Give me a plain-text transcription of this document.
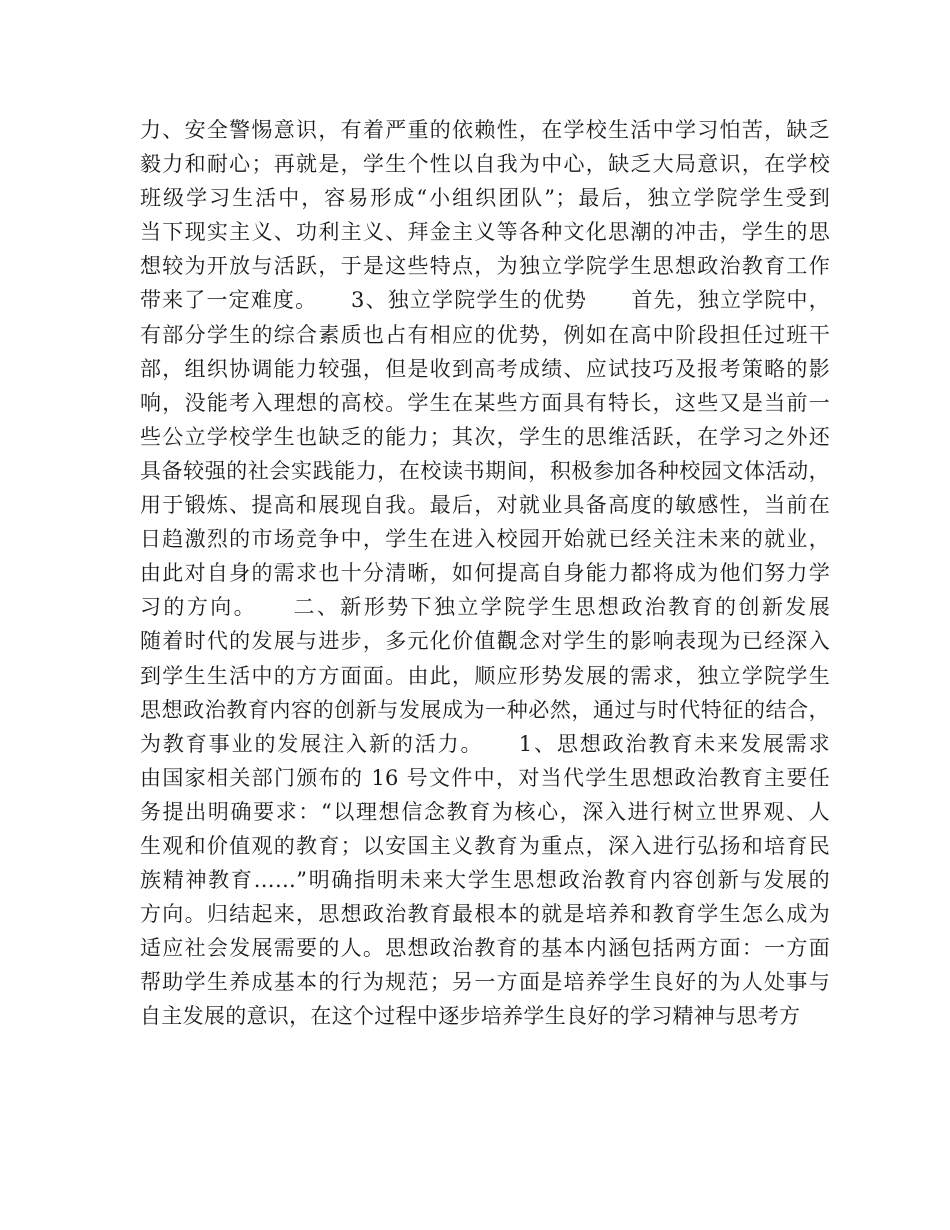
力、安全警惕意识，有着严重的依赖性，在学校生活中学习怕苦，缺乏
毅力和耐心；再就是，学生个性以自我为中心，缺乏大局意识，在学校
班级学习生活中，容易形成“小组织团队”；最后，独立学院学生受到
当下现实主义、功利主义、拜金主义等各种文化思潮的冲击，学生的思
想较为开放与活跃，于是这些特点，为独立学院学生思想政治教育工作
带来了一定难度。　　3、独立学院学生的优势　　首先，独立学院中，
有部分学生的综合素质也占有相应的优势，例如在高中阶段担任过班干
部，组织协调能力较强，但是收到高考成绩、应试技巧及报考策略的影
响，没能考入理想的高校。学生在某些方面具有特长，这些又是当前一
些公立学校学生也缺乏的能力；其次，学生的思维活跃，在学习之外还
具备较强的社会实践能力，在校读书期间，积极参加各种校园文体活动，
用于锻炼、提高和展现自我。最后，对就业具备高度的敏感性，当前在
日趋激烈的市场竞争中，学生在进入校园开始就已经关注未来的就业，
由此对自身的需求也十分清晰，如何提高自身能力都将成为他们努力学
习的方向。　　二、新形势下独立学院学生思想政治教育的创新发展
随着时代的发展与进步，多元化价值觀念对学生的影响表现为已经深入
到学生生活中的方方面面。由此，顺应形势发展的需求，独立学院学生
思想政治教育内容的创新与发展成为一种必然，通过与时代特征的结合，
为教育事业的发展注入新的活力。　　1、思想政治教育未来发展需求
由国家相关部门颁布的 16 号文件中，对当代学生思想政治教育主要任
务提出明确要求：“以理想信念教育为核心，深入进行树立世界观、人
生观和价值观的教育；以安国主义教育为重点，深入进行弘扬和培育民
族精神教育……”明确指明未来大学生思想政治教育内容创新与发展的
方向。归结起来，思想政治教育最根本的就是培养和教育学生怎么成为
适应社会发展需要的人。思想政治教育的基本内涵包括两方面：一方面
帮助学生养成基本的行为规范；另一方面是培养学生良好的为人处事与
自主发展的意识，在这个过程中逐步培养学生良好的学习精神与思考方
